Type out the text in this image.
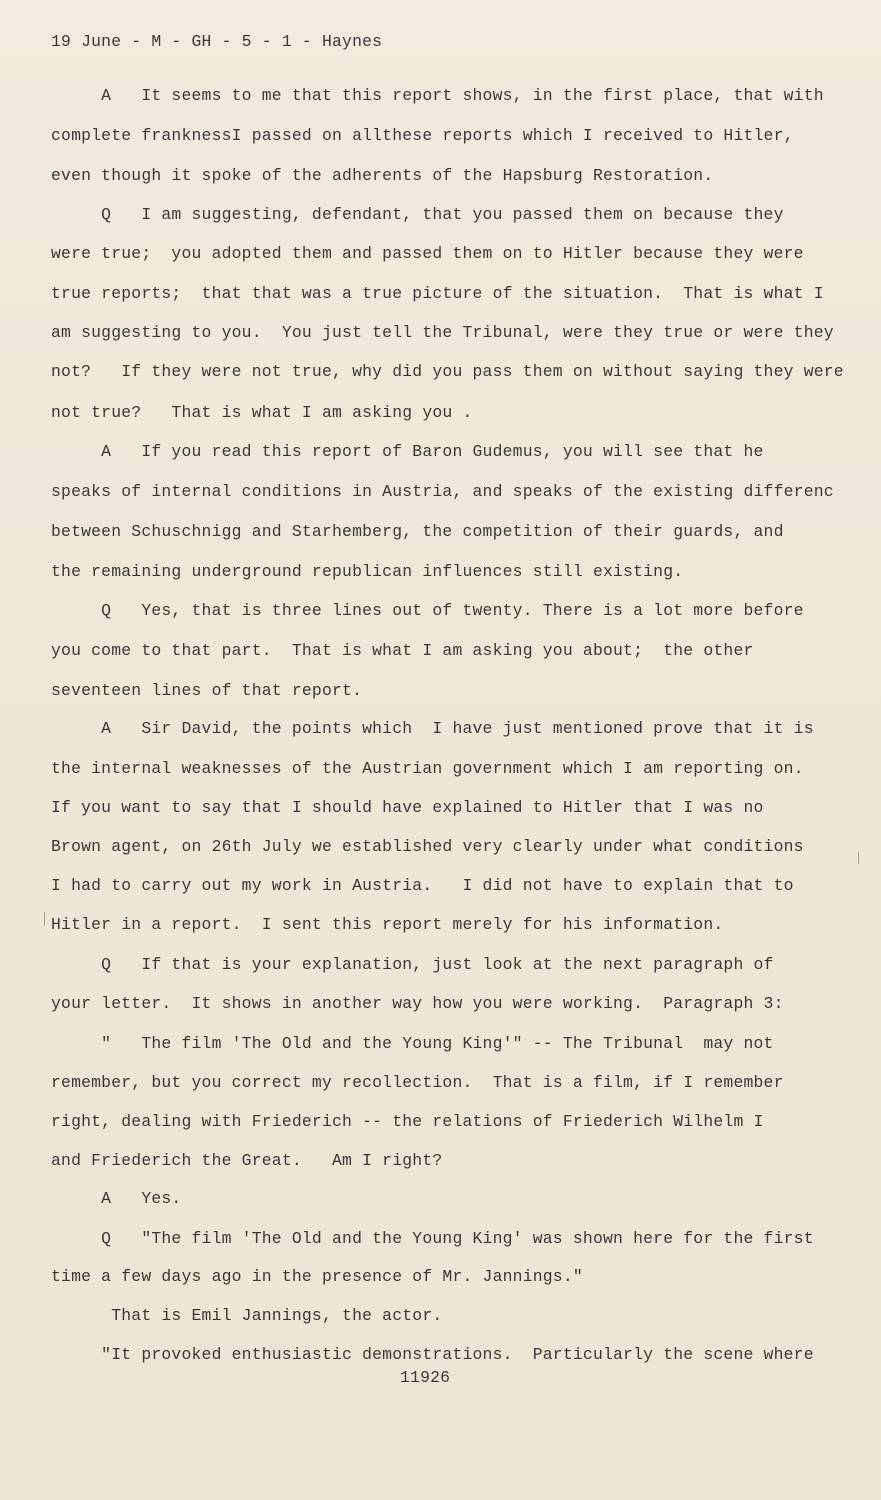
19 June - M - GH - 5 - 1 - Haynes
A   It seems to me that this report shows, in the first place, that with
complete franknessI passed on allthese reports which I received to Hitler,
even though it spoke of the adherents of the Hapsburg Restoration.
Q   I am suggesting, defendant, that you passed them on because they
were true;  you adopted them and passed them on to Hitler because they were
true reports;  that that was a true picture of the situation.  That is what I
am suggesting to you.  You just tell the Tribunal, were they true or were they
not?   If they were not true, why did you pass them on without saying they were
not true?   That is what I am asking you .
A   If you read this report of Baron Gudemus, you will see that he
speaks of internal conditions in Austria, and speaks of the existing differenc
between Schuschnigg and Starhemberg, the competition of their guards, and
the remaining underground republican influences still existing.
Q   Yes, that is three lines out of twenty. There is a lot more before
you come to that part.  That is what I am asking you about;  the other
seventeen lines of that report.
A   Sir David, the points which  I have just mentioned prove that it is
the internal weaknesses of the Austrian government which I am reporting on.
If you want to say that I should have explained to Hitler that I was no
Brown agent, on 26th July we established very clearly under what conditions
I had to carry out my work in Austria.   I did not have to explain that to
Hitler in a report.  I sent this report merely for his information.
Q   If that is your explanation, just look at the next paragraph of
your letter.  It shows in another way how you were working.  Paragraph 3:
"   The film 'The Old and the Young King'" -- The Tribunal  may not
remember, but you correct my recollection.  That is a film, if I remember
right, dealing with Friederich -- the relations of Friederich Wilhelm I
and Friederich the Great.   Am I right?
A   Yes.
Q   "The film 'The Old and the Young King' was shown here for the first
time a few days ago in the presence of Mr. Jannings."
That is Emil Jannings, the actor.
"It provoked enthusiastic demonstrations.  Particularly the scene where
11926
